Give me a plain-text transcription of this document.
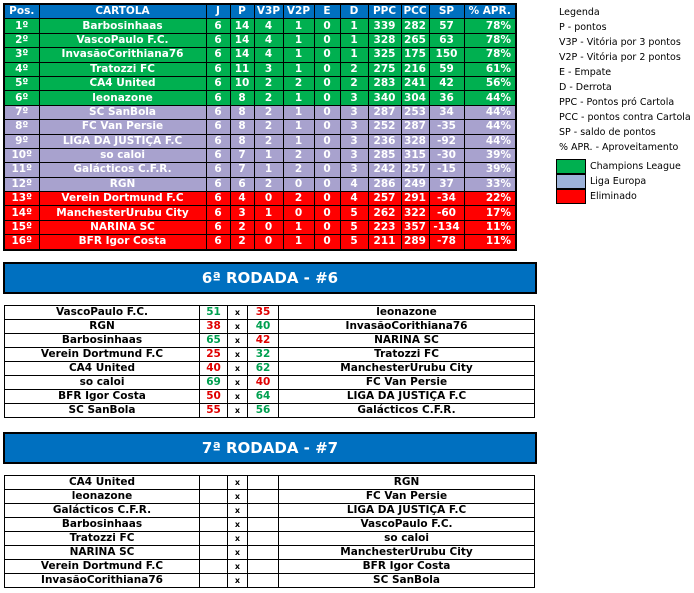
Pos.	CARTOLA	J	P	V3P	V2P	E	D	PPC	PCC	SP	% APR.
1º	Barbosinhaas	6	14	4	1	0	1	339	282	57	78%
2º	VascoPaulo F.C.	6	14	4	1	0	1	328	265	63	78%
3º	InvasãoCorithiana76	6	14	4	1	0	1	325	175	150	78%
4º	Tratozzi FC	6	11	3	1	0	2	275	216	59	61%
5º	CA4 United	6	10	2	2	0	2	283	241	42	56%
6º	leonazone	6	8	2	1	0	3	340	304	36	44%
7º	SC SanBola	6	8	2	1	0	3	287	253	34	44%
8º	FC Van Persie	6	8	2	1	0	3	252	287	-35	44%
9º	LIGA DA JUSTIÇA F.C	6	8	2	1	0	3	236	328	-92	44%
10º	so caloi	6	7	1	2	0	3	285	315	-30	39%
11º	Galácticos C.F.R.	6	7	1	2	0	3	242	257	-15	39%
12º	RGN	6	6	2	0	0	4	286	249	37	33%
13º	Verein Dortmund F.C	6	4	0	2	0	4	257	291	-34	22%
14º	ManchesterUrubu City	6	3	1	0	0	5	262	322	-60	17%
15º	NARINA SC	6	2	0	1	0	5	223	357	-134	11%
16º	BFR Igor Costa	6	2	0	1	0	5	211	289	-78	11%
Legenda
P - pontos
V3P - Vitória por 3 pontos
V2P - Vitória por 2 pontos
E - Empate
D - Derrota
PPC - Pontos pró Cartola
PCC - pontos contra Cartola
SP - saldo de pontos
% APR. - Aproveitamento
Champions League
Liga Europa
Eliminado
6ª RODADA - #6
VascoPaulo F.C.	51	x	35	leonazone
RGN	38	x	40	InvasãoCorithiana76
Barbosinhaas	65	x	42	NARINA SC
Verein Dortmund F.C	25	x	32	Tratozzi FC
CA4 United	40	x	62	ManchesterUrubu City
so caloi	69	x	40	FC Van Persie
BFR Igor Costa	50	x	64	LIGA DA JUSTIÇA F.C
SC SanBola	55	x	56	Galácticos C.F.R.
7ª RODADA - #7
CA4 United		x		RGN
leonazone		x		FC Van Persie
Galácticos C.F.R.		x		LIGA DA JUSTIÇA F.C
Barbosinhaas		x		VascoPaulo F.C.
Tratozzi FC		x		so caloi
NARINA SC		x		ManchesterUrubu City
Verein Dortmund F.C		x		BFR Igor Costa
InvasãoCorithiana76		x		SC SanBola
